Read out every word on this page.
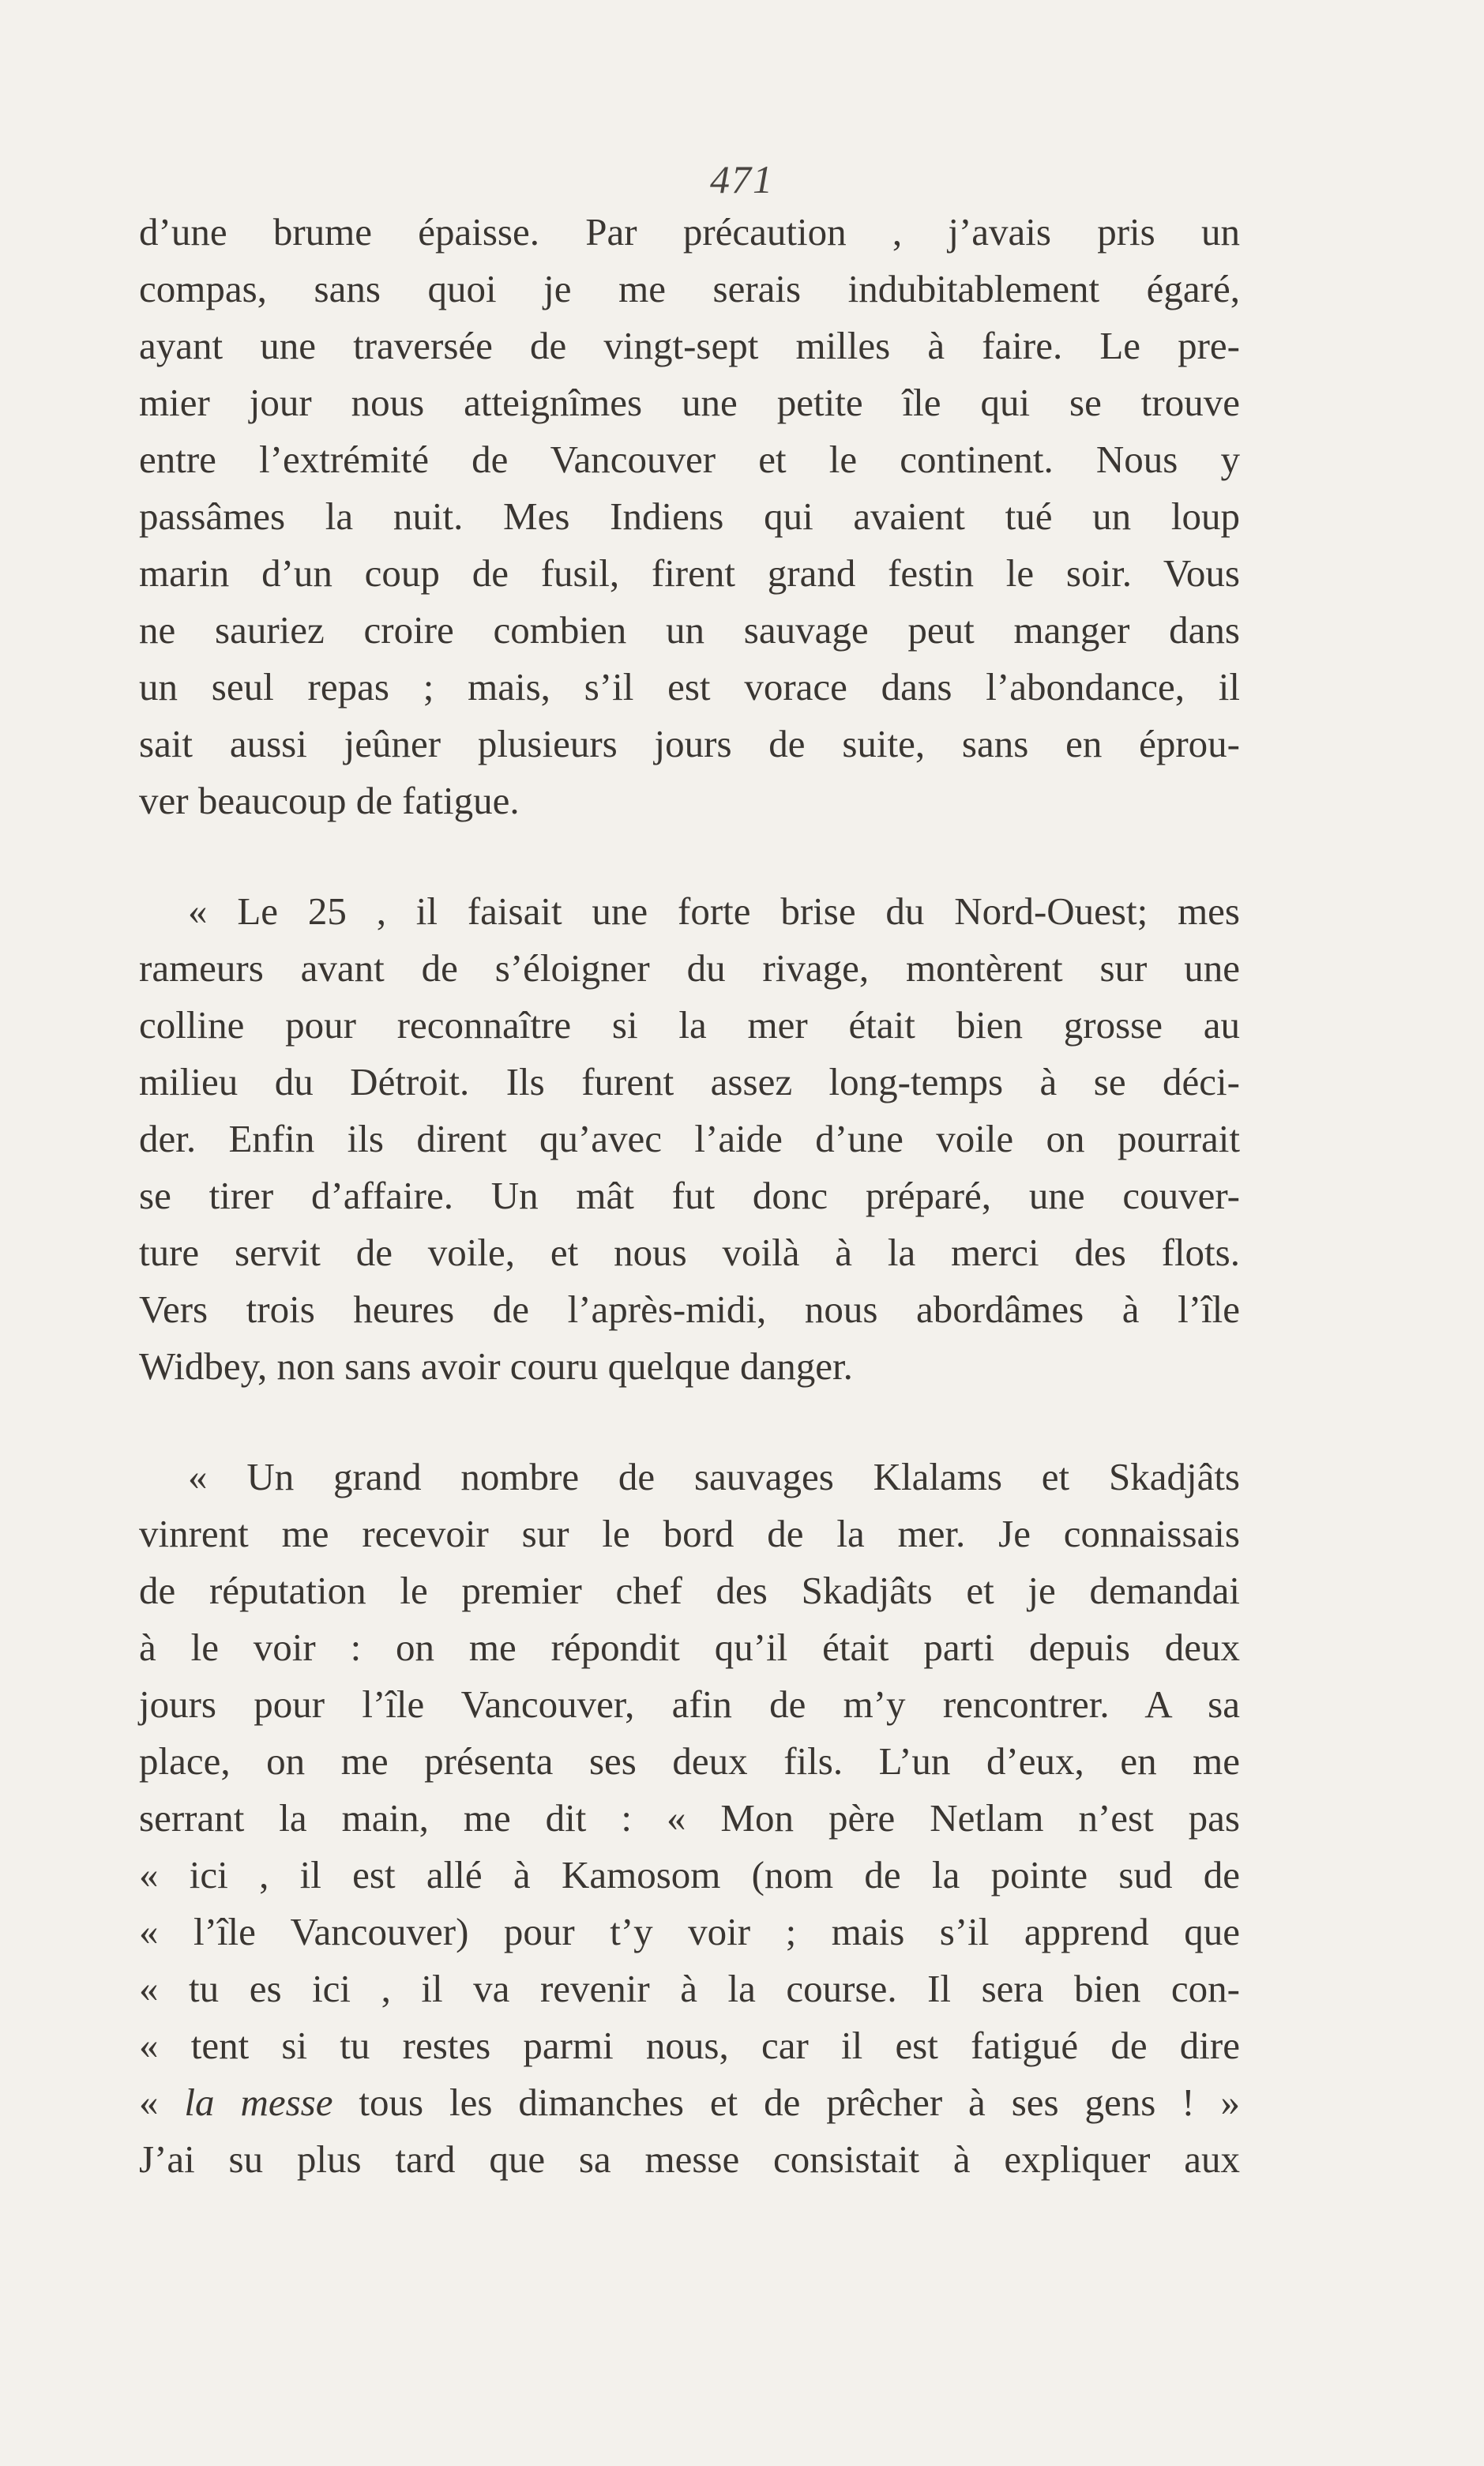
471

d’une brume épaisse. Par précaution , j’avais pris un
compas, sans quoi je me serais indubitablement égaré,
ayant une traversée de vingt-sept milles à faire. Le pre-
mier jour nous atteignîmes une petite île qui se trouve
entre l’extrémité de Vancouver et le continent. Nous y
passâmes la nuit. Mes Indiens qui avaient tué un loup
marin d’un coup de fusil, firent grand festin le soir. Vous
ne sauriez croire combien un sauvage peut manger dans
un seul repas ; mais, s’il est vorace dans l’abondance, il
sait aussi jeûner plusieurs jours de suite, sans en éprou-
ver beaucoup de fatigue.

« Le 25 , il faisait une forte brise du Nord-Ouest; mes
rameurs avant de s’éloigner du rivage, montèrent sur une
colline pour reconnaître si la mer était bien grosse au
milieu du Détroit. Ils furent assez long-temps à se déci-
der. Enfin ils dirent qu’avec l’aide d’une voile on pourrait
se tirer d’affaire. Un mât fut donc préparé, une couver-
ture servit de voile, et nous voilà à la merci des flots.
Vers trois heures de l’après-midi, nous abordâmes à l’île
Widbey, non sans avoir couru quelque danger.

« Un grand nombre de sauvages Klalams et Skadjâts
vinrent me recevoir sur le bord de la mer. Je connaissais
de réputation le premier chef des Skadjâts et je demandai
à le voir : on me répondit qu’il était parti depuis deux
jours pour l’île Vancouver, afin de m’y rencontrer. A sa
place, on me présenta ses deux fils. L’un d’eux, en me
serrant la main, me dit : « Mon père Netlam n’est pas
« ici , il est allé à Kamosom (nom de la pointe sud de
« l’île Vancouver) pour t’y voir ; mais s’il apprend que
« tu es ici , il va revenir à la course. Il sera bien con-
« tent si tu restes parmi nous, car il est fatigué de dire
« la messe tous les dimanches et de prêcher à ses gens ! »
J’ai su plus tard que sa messe consistait à expliquer aux
